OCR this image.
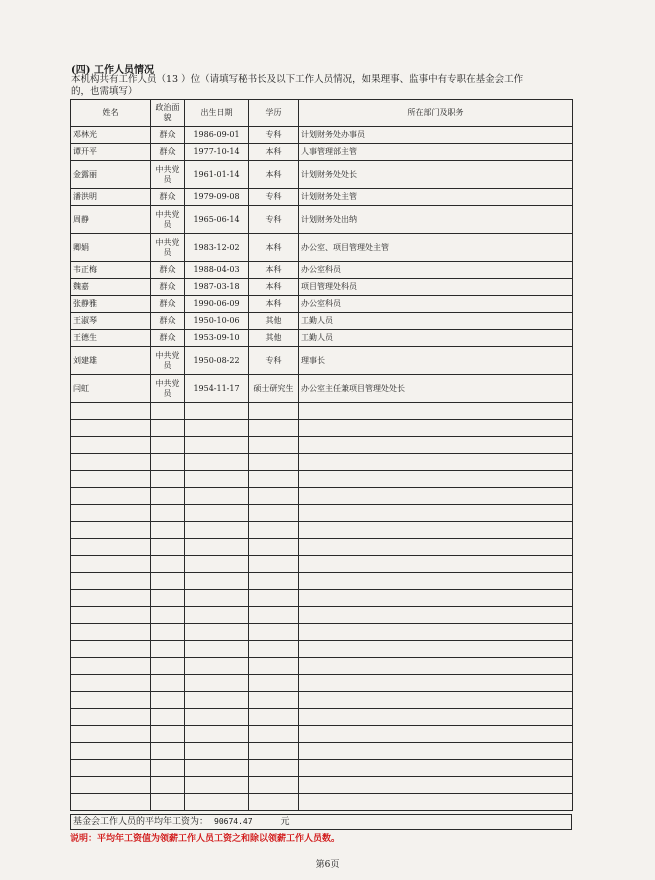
(四) 工作人员情况
本机构共有工作人员（13 ）位（请填写秘书长及以下工作人员情况，如果理事、监事中有专职在基金会工作
的，也需填写）
姓名	政治面貌	出生日期	学历	所在部门及职务
邓林光	群众	1986-09-01	专科	计划财务处办事员
谭开平	群众	1977-10-14	本科	人事管理部主管
金露丽	中共党员	1961-01-14	本科	计划财务处处长
潘洪明	群众	1979-09-08	专科	计划财务处主管
周静	中共党员	1965-06-14	专科	计划财务处出纳
卿娟	中共党员	1983-12-02	本科	办公室、项目管理处主管
韦正梅	群众	1988-04-03	本科	办公室科员
魏嘉	群众	1987-03-18	本科	项目管理处科员
张静雅	群众	1990-06-09	本科	办公室科员
王淑琴	群众	1950-10-06	其他	工勤人员
王德生	群众	1953-09-10	其他	工勤人员
刘建雄	中共党员	1950-08-22	专科	理事长
闫虹	中共党员	1954-11-17	硕士研究生	办公室主任兼项目管理处处长

基金会工作人员的平均年工资为： 90674.47	元
说明：平均年工资值为领薪工作人员工资之和除以领薪工作人员数。
第6页
